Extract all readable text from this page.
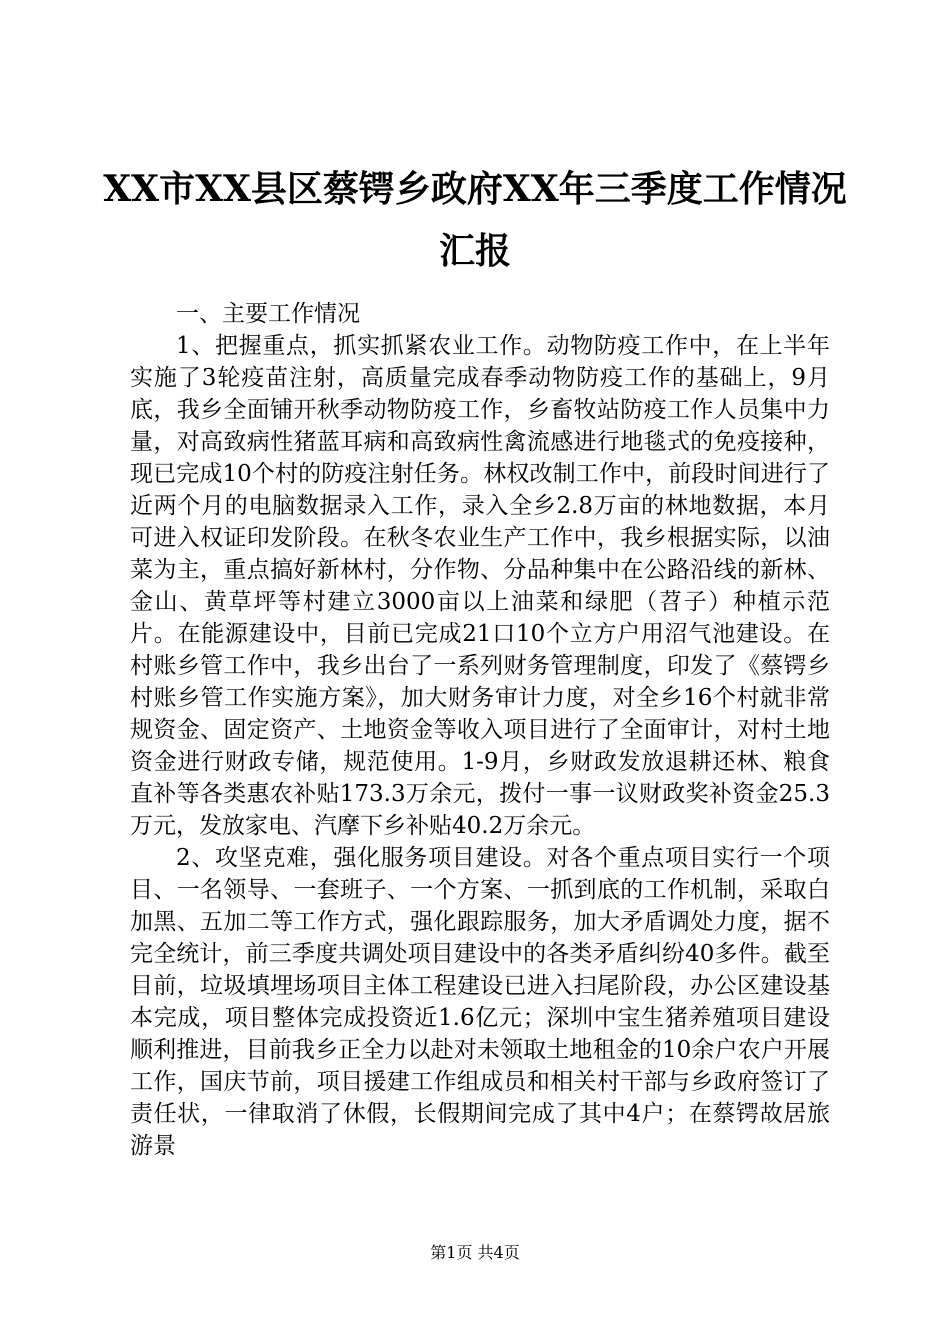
XX市XX县区蔡锷乡政府XX年三季度工作情况汇报

一、主要工作情况

1、把握重点，抓实抓紧农业工作。动物防疫工作中，在上半年实施了3轮疫苗注射，高质量完成春季动物防疫工作的基础上，9月底，我乡全面铺开秋季动物防疫工作，乡畜牧站防疫工作人员集中力量，对高致病性猪蓝耳病和高致病性禽流感进行地毯式的免疫接种，现已完成10个村的防疫注射任务。林权改制工作中，前段时间进行了近两个月的电脑数据录入工作，录入全乡2.8万亩的林地数据，本月可进入权证印发阶段。在秋冬农业生产工作中，我乡根据实际，以油菜为主，重点搞好新林村，分作物、分品种集中在公路沿线的新林、金山、黄草坪等村建立3000亩以上油菜和绿肥（苕子）种植示范片。在能源建设中，目前已完成21口10个立方户用沼气池建设。在村账乡管工作中，我乡出台了一系列财务管理制度，印发了《蔡锷乡村账乡管工作实施方案》，加大财务审计力度，对全乡16个村就非常规资金、固定资产、土地资金等收入项目进行了全面审计，对村土地资金进行财政专储，规范使用。1-9月，乡财政发放退耕还林、粮食直补等各类惠农补贴173.3万余元，拨付一事一议财政奖补资金25.3万元，发放家电、汽摩下乡补贴40.2万余元。

2、攻坚克难，强化服务项目建设。对各个重点项目实行一个项目、一名领导、一套班子、一个方案、一抓到底的工作机制，采取白加黑、五加二等工作方式，强化跟踪服务，加大矛盾调处力度，据不完全统计，前三季度共调处项目建设中的各类矛盾纠纷40多件。截至目前，垃圾填埋场项目主体工程建设已进入扫尾阶段，办公区建设基本完成，项目整体完成投资近1.6亿元；深圳中宝生猪养殖项目建设顺利推进，目前我乡正全力以赴对未领取土地租金的10余户农户开展工作，国庆节前，项目援建工作组成员和相关村干部与乡政府签订了责任状，一律取消了休假，长假期间完成了其中4户；在蔡锷故居旅游景

第1页 共4页
